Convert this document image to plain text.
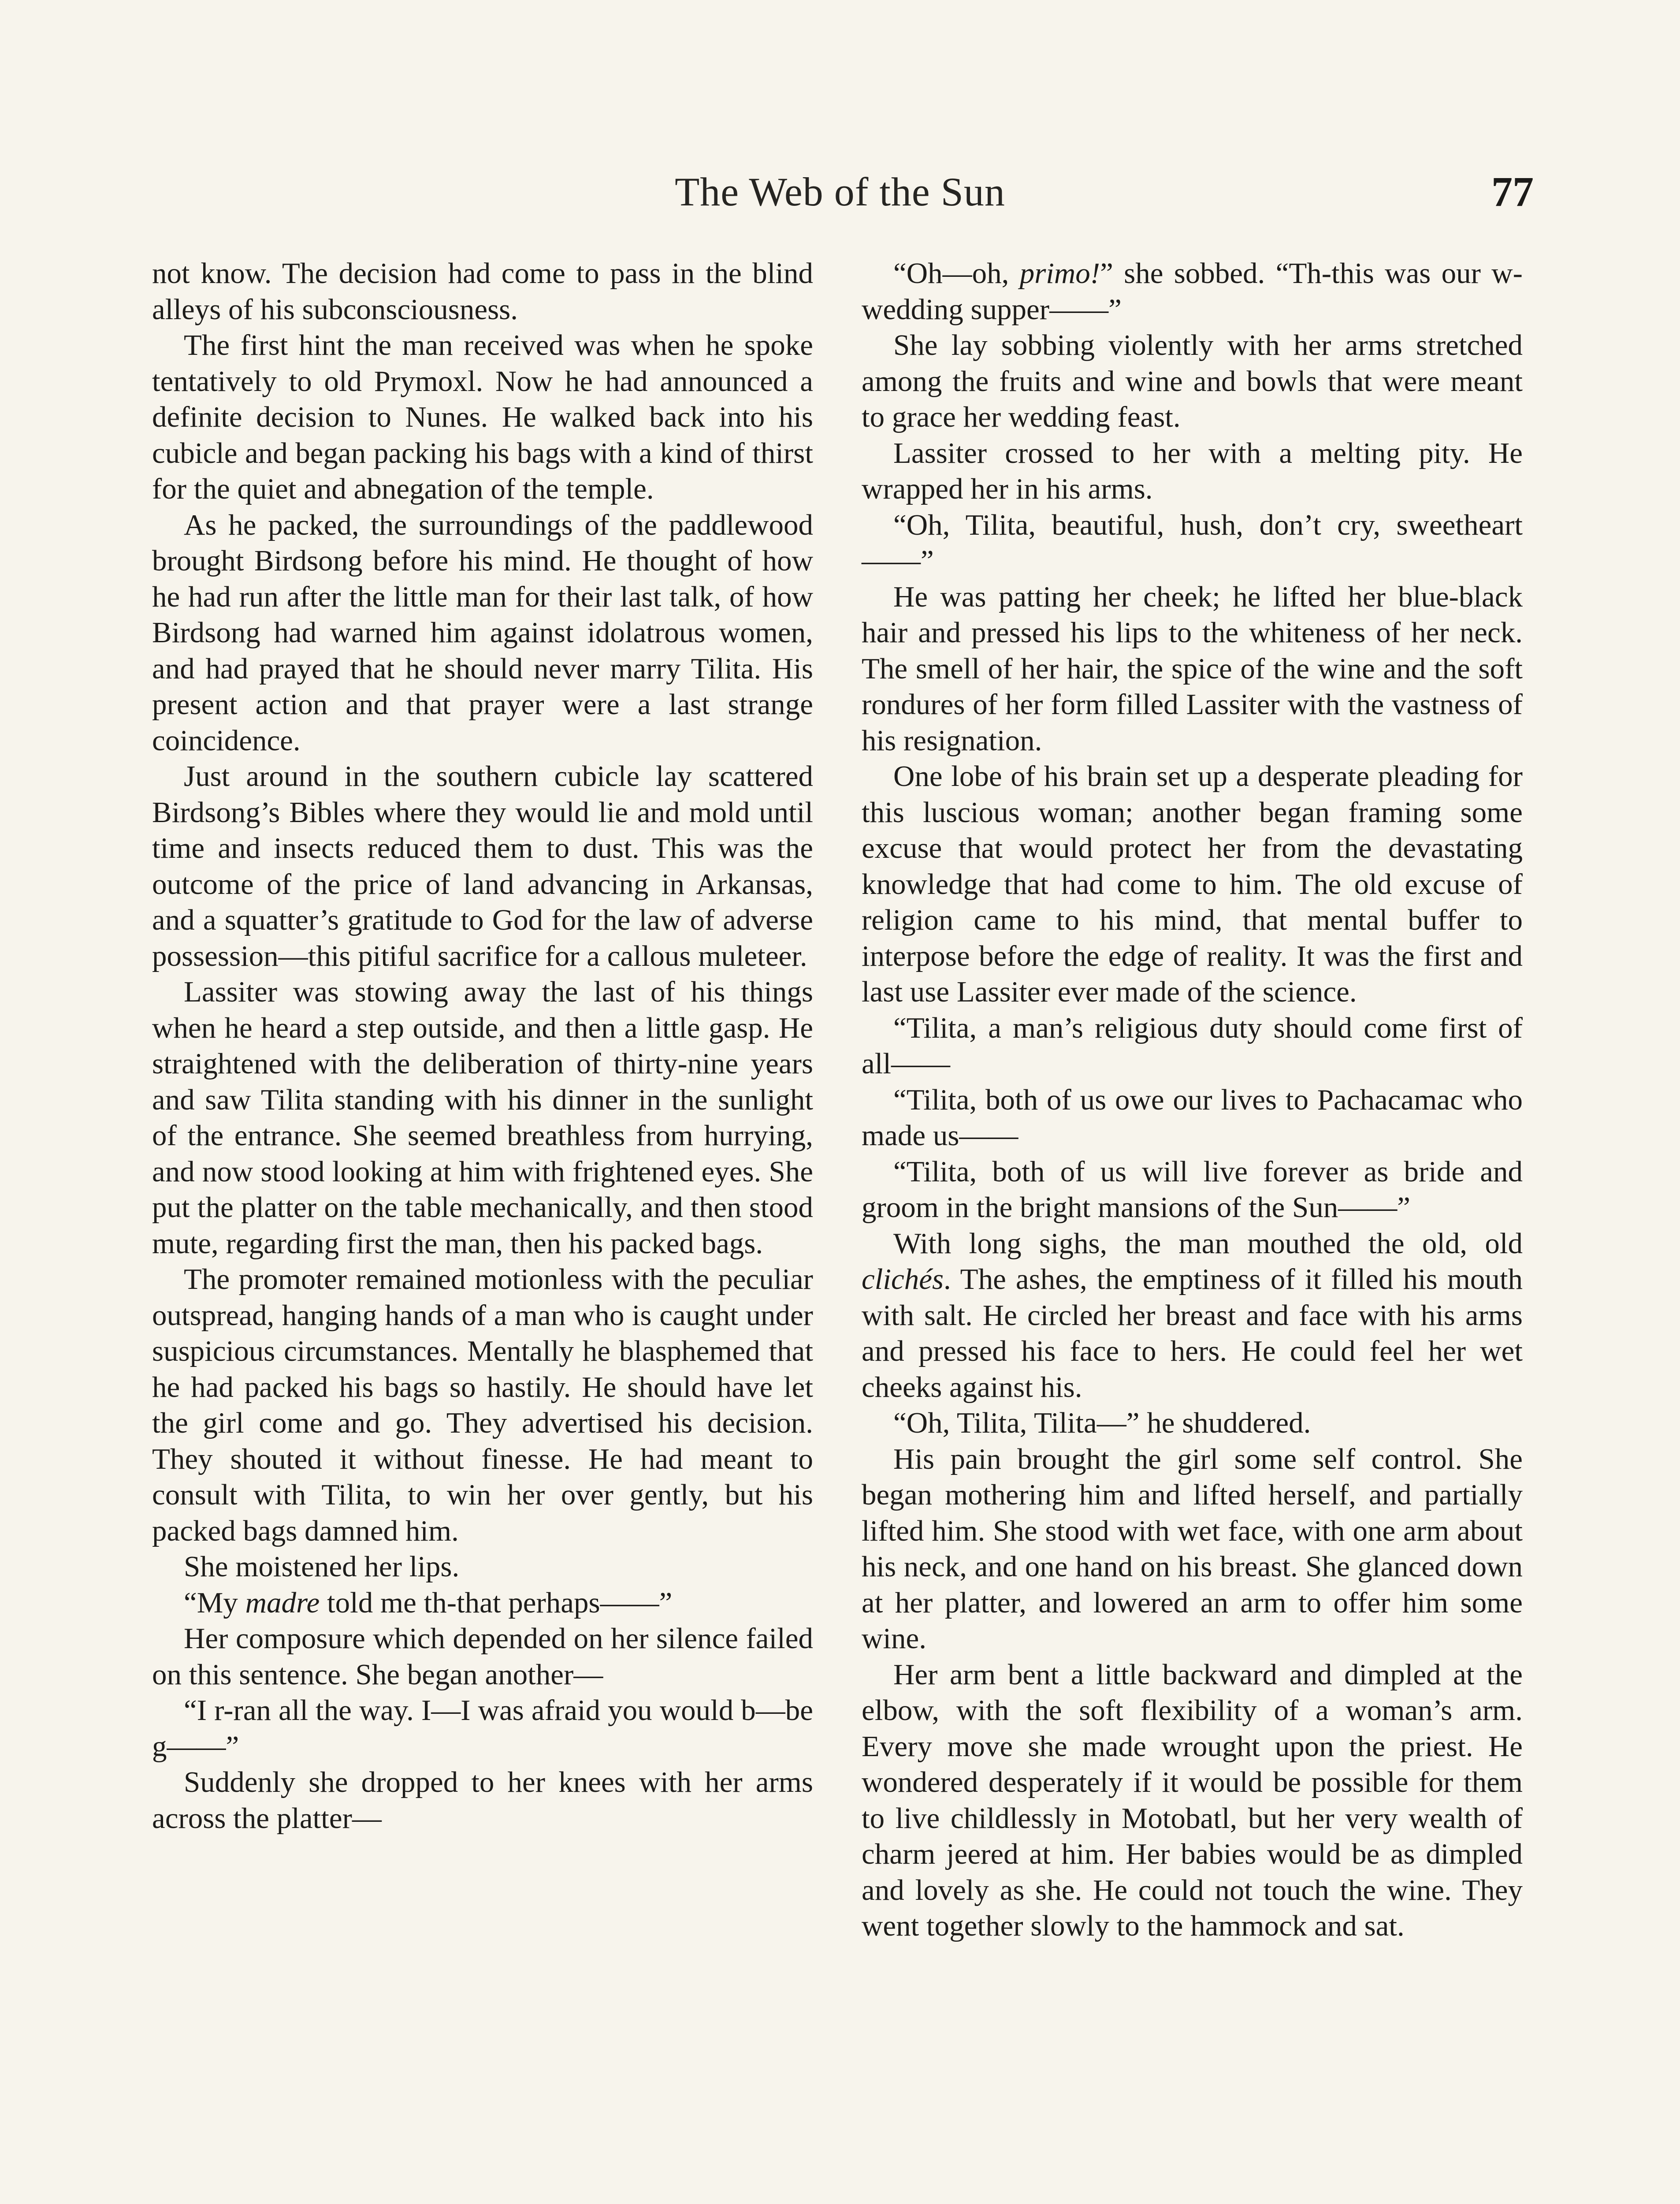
The Web of the Sun	77

not know. The decision had come to pass in the blind alleys of his subconsciousness.

The first hint the man received was when he spoke tentatively to old Prymoxl. Now he had announced a definite decision to Nunes. He walked back into his cubicle and began packing his bags with a kind of thirst for the quiet and abnegation of the temple.

As he packed, the surroundings of the paddlewood brought Birdsong before his mind. He thought of how he had run after the little man for their last talk, of how Birdsong had warned him against idolatrous women, and had prayed that he should never marry Tilita. His present action and that prayer were a last strange coincidence.

Just around in the southern cubicle lay scattered Birdsong’s Bibles where they would lie and mold until time and insects reduced them to dust. This was the outcome of the price of land advancing in Arkansas, and a squatter’s gratitude to God for the law of adverse possession—this pitiful sacrifice for a callous muleteer.

Lassiter was stowing away the last of his things when he heard a step outside, and then a little gasp. He straightened with the deliberation of thirty-nine years and saw Tilita standing with his dinner in the sunlight of the entrance. She seemed breathless from hurrying, and now stood looking at him with frightened eyes. She put the platter on the table mechanically, and then stood mute, regarding first the man, then his packed bags.

The promoter remained motionless with the peculiar outspread, hanging hands of a man who is caught under suspicious circumstances. Mentally he blasphemed that he had packed his bags so hastily. He should have let the girl come and go. They advertised his decision. They shouted it without finesse. He had meant to consult with Tilita, to win her over gently, but his packed bags damned him.

She moistened her lips.

“My madre told me th-that perhaps——”

Her composure which depended on her silence failed on this sentence. She began another—

“I r-ran all the way. I—I was afraid you would b—be g——”

Suddenly she dropped to her knees with her arms across the platter—

“Oh—oh, primo!” she sobbed. “Th-this was our w-wedding supper——”

She lay sobbing violently with her arms stretched among the fruits and wine and bowls that were meant to grace her wedding feast.

Lassiter crossed to her with a melting pity. He wrapped her in his arms.

“Oh, Tilita, beautiful, hush, don’t cry, sweetheart——”

He was patting her cheek; he lifted her blue-black hair and pressed his lips to the whiteness of her neck. The smell of her hair, the spice of the wine and the soft rondures of her form filled Lassiter with the vastness of his resignation.

One lobe of his brain set up a desperate pleading for this luscious woman; another began framing some excuse that would protect her from the devastating knowledge that had come to him. The old excuse of religion came to his mind, that mental buffer to interpose before the edge of reality. It was the first and last use Lassiter ever made of the science.

“Tilita, a man’s religious duty should come first of all——

“Tilita, both of us owe our lives to Pachacamac who made us——

“Tilita, both of us will live forever as bride and groom in the bright mansions of the Sun——”

With long sighs, the man mouthed the old, old clichés. The ashes, the emptiness of it filled his mouth with salt. He circled her breast and face with his arms and pressed his face to hers. He could feel her wet cheeks against his.

“Oh, Tilita, Tilita—” he shuddered.

His pain brought the girl some self control. She began mothering him and lifted herself, and partially lifted him. She stood with wet face, with one arm about his neck, and one hand on his breast. She glanced down at her platter, and lowered an arm to offer him some wine.

Her arm bent a little backward and dimpled at the elbow, with the soft flexibility of a woman’s arm. Every move she made wrought upon the priest. He wondered desperately if it would be possible for them to live childlessly in Motobatl, but her very wealth of charm jeered at him. Her babies would be as dimpled and lovely as she. He could not touch the wine. They went together slowly to the hammock and sat.
